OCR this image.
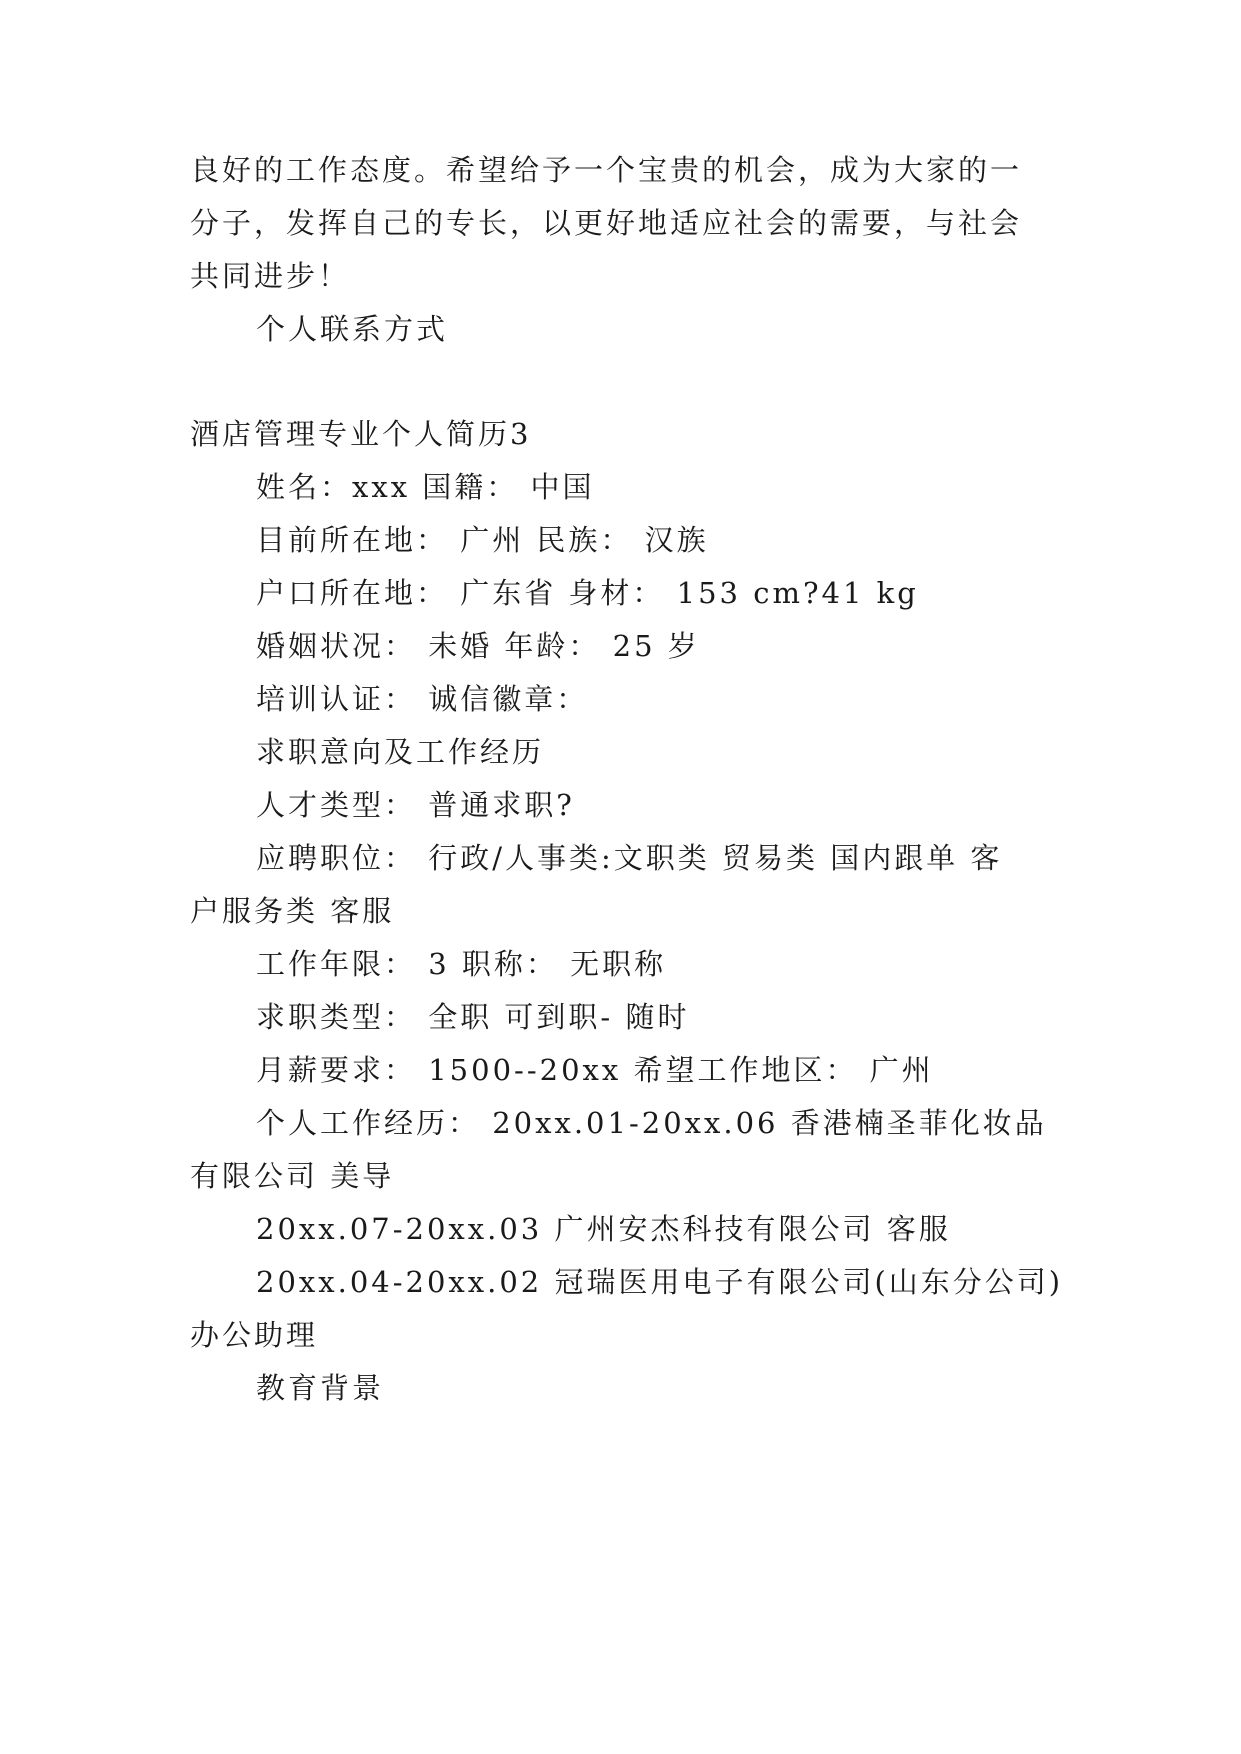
良好的工作态度。希望给予一个宝贵的机会，成为大家的一

分子，发挥自己的专长，以更好地适应社会的需要，与社会

共同进步！

个人联系方式

酒店管理专业个人简历3

姓名：xxx 国籍： 中国

目前所在地： 广州 民族： 汉族

户口所在地： 广东省 身材： 153 cm?41 kg

婚姻状况： 未婚 年龄： 25 岁

培训认证： 诚信徽章：

求职意向及工作经历

人才类型： 普通求职?

应聘职位： 行政/人事类:文职类 贸易类 国内跟单 客

户服务类 客服

工作年限： 3 职称： 无职称

求职类型： 全职 可到职- 随时

月薪要求： 1500--20xx 希望工作地区： 广州

个人工作经历： 20xx.01-20xx.06 香港楠圣菲化妆品

有限公司 美导

20xx.07-20xx.03 广州安杰科技有限公司 客服

20xx.04-20xx.02 冠瑞医用电子有限公司(山东分公司)

办公助理

教育背景
